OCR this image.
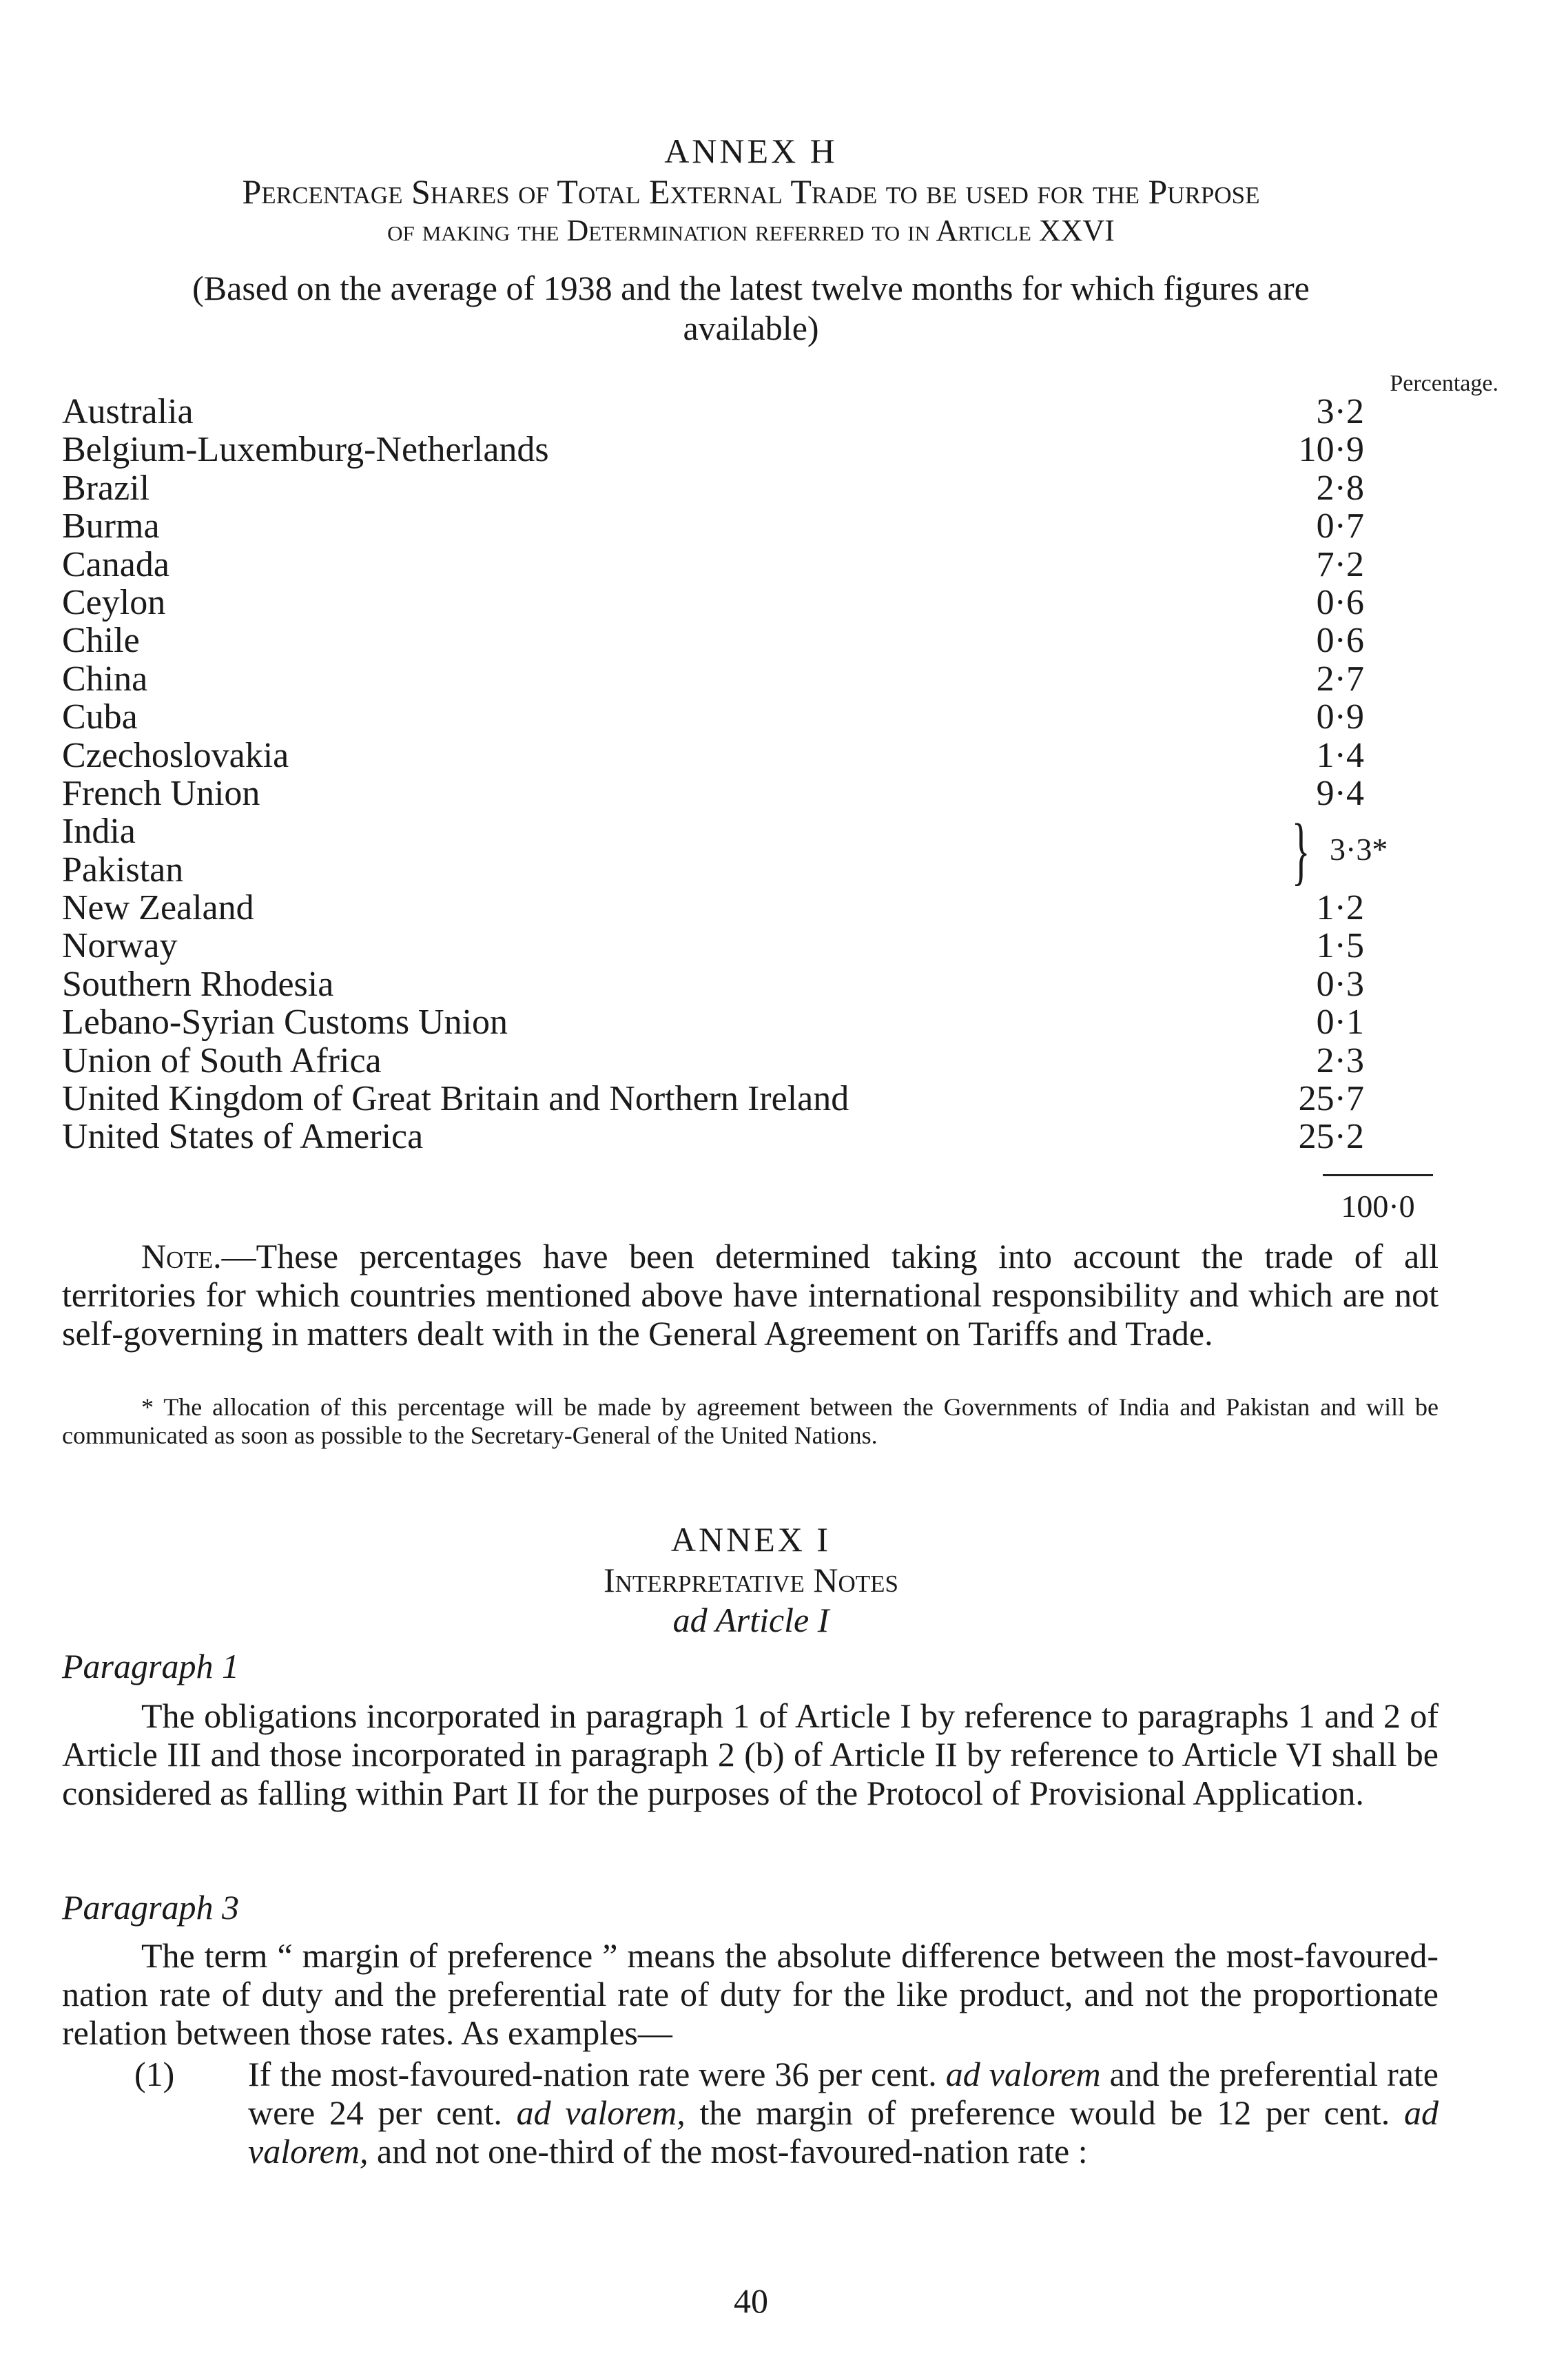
ANNEX H
Percentage Shares of Total External Trade to be used for the Purpose
of making the Determination referred to in Article XXVI
(Based on the average of 1938 and the latest twelve months for which figures are
available)
Percentage.
Australia	3·2
Belgium-Luxemburg-Netherlands	10·9
Brazil	2·8
Burma	0·7
Canada	7·2
Ceylon	0·6
Chile	0·6
China	2·7
Cuba	0·9
Czechoslovakia	1·4
French Union	9·4
India	} 3·3*
Pakistan
New Zealand	1·2
Norway	1·5
Southern Rhodesia	0·3
Lebano-Syrian Customs Union	0·1
Union of South Africa	2·3
United Kingdom of Great Britain and Northern Ireland	25·7
United States of America	25·2
100·0
Note.—These percentages have been determined taking into account the trade of all territories for which countries mentioned above have international responsibility and which are not self-governing in matters dealt with in the General Agreement on Tariffs and Trade.
* The allocation of this percentage will be made by agreement between the Governments of India and Pakistan and will be communicated as soon as possible to the Secretary-General of the United Nations.
ANNEX I
Interpretative Notes
ad Article I
Paragraph 1
The obligations incorporated in paragraph 1 of Article I by reference to paragraphs 1 and 2 of Article III and those incorporated in paragraph 2 (b) of Article II by reference to Article VI shall be considered as falling within Part II for the purposes of the Protocol of Provisional Application.
Paragraph 3
The term “ margin of preference ” means the absolute difference between the most-favoured-nation rate of duty and the preferential rate of duty for the like product, and not the proportionate relation between those rates. As examples—
(1)	If the most-favoured-nation rate were 36 per cent. ad valorem and the preferential rate were 24 per cent. ad valorem, the margin of preference would be 12 per cent. ad valorem, and not one-third of the most-favoured-nation rate :
40
